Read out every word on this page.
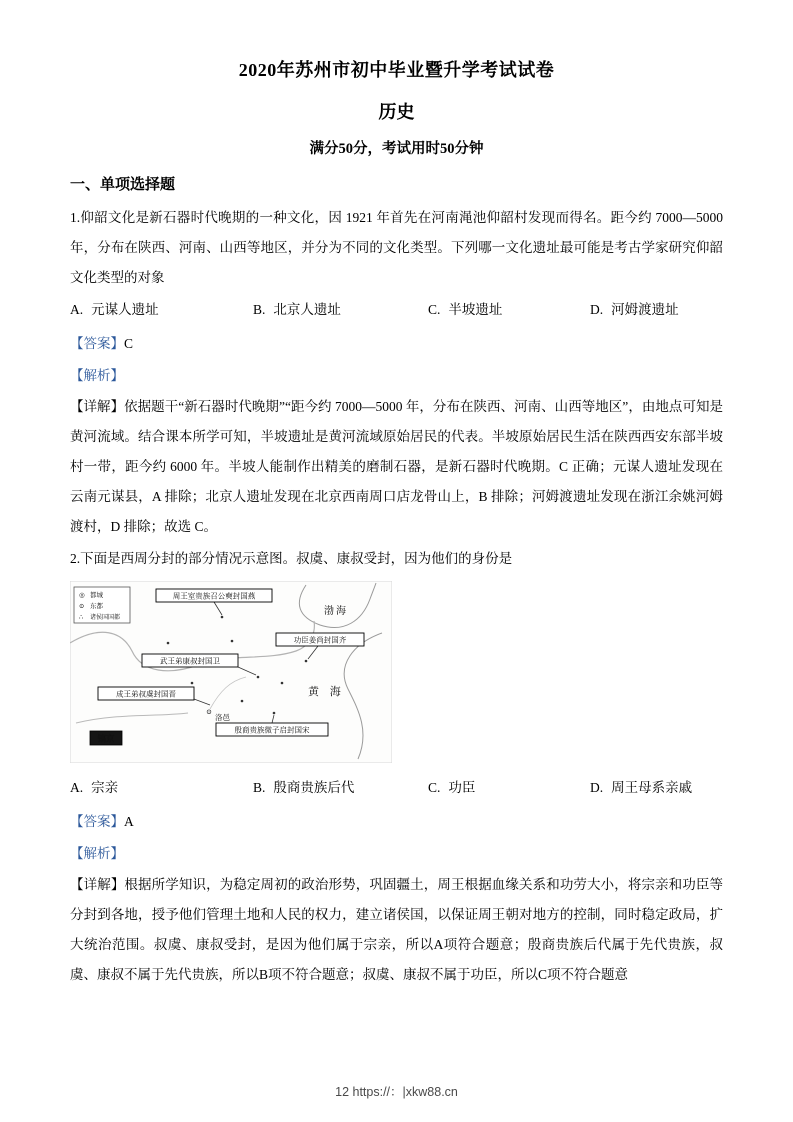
2020年苏州市初中毕业暨升学考试试卷
历史
满分50分，考试用时50分钟
一、单项选择题

1.仰韶文化是新石器时代晚期的一种文化，因 1921 年首先在河南渑池仰韶村发现而得名。距今约 7000—5000 年，分布在陕西、河南、山西等地区，并分为不同的文化类型。下列哪一文化遗址最可能是考古学家研究仰韶文化类型的对象

A. 元谋人遗址	B. 北京人遗址	C. 半坡遗址	D. 河姆渡遗址

【答案】C

【解析】

【详解】依据题干“新石器时代晚期”“距今约 7000—5000 年，分布在陕西、河南、山西等地区”，由地点可知是黄河流域。结合课本所学可知，半坡遗址是黄河流域原始居民的代表。半坡原始居民生活在陕西西安东部半坡村一带，距今约 6000 年。半坡人能制作出精美的磨制石器，是新石器时代晚期。C 正确；元谋人遗址发现在云南元谋县，A 排除；北京人遗址发现在北京西南周口店龙骨山上，B 排除；河姆渡遗址发现在浙江余姚河姆渡村，D 排除；故选 C。

2.下面是西周分封的部分情况示意图。叔虞、康叔受封，因为他们的身份是

◎ 都城
⊙ 东都
∴ 诸侯国国都
周王室贵族召公奭封国燕
功臣姜尚封国齐
武王弟康叔封国卫
成王弟叔虞封国晋
殷商贵族微子启封国宋
⊙
洛邑
镐京
渤海
黄 海
A. 宗亲	B. 殷商贵族后代	C. 功臣	D. 周王母系亲戚

【答案】A

【解析】

【详解】根据所学知识，为稳定周初的政治形势，巩固疆土，周王根据血缘关系和功劳大小，将宗亲和功臣等分封到各地，授予他们管理土地和人民的权力，建立诸侯国，以保证周王朝对地方的控制，同时稳定政局，扩大统治范围。叔虞、康叔受封，是因为他们属于宗亲，所以A项符合题意；殷商贵族后代属于先代贵族，叔虞、康叔不属于先代贵族，所以B项不符合题意；叔虞、康叔不属于功臣，所以C项不符合题意

12 https://：|xkw88.cn
